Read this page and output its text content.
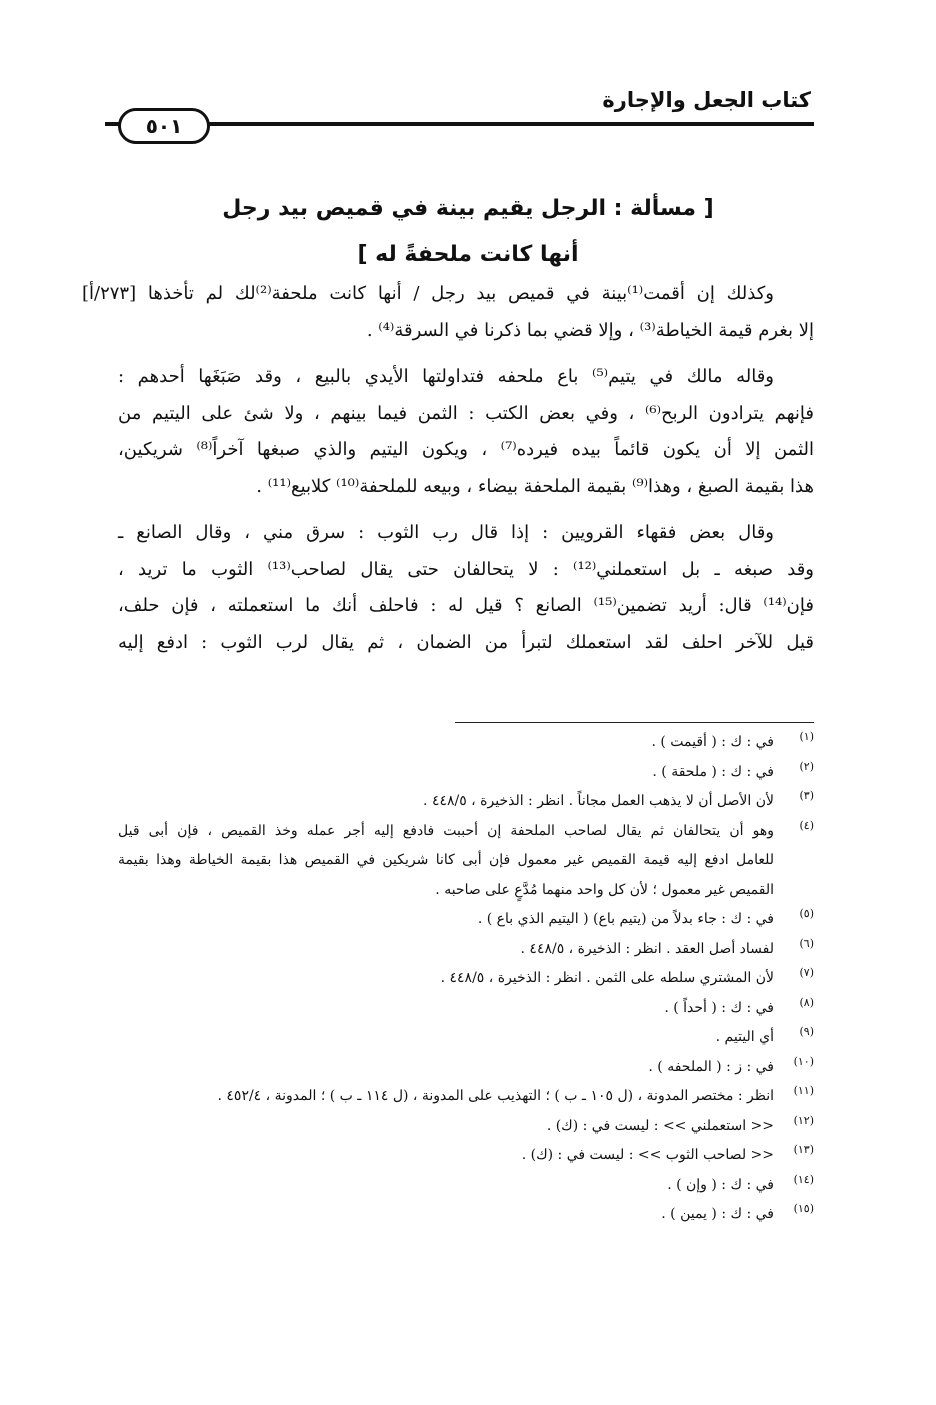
كتاب الجعل والإجارة
٥٠١
[ مسألة : الرجل يقيم بينة في قميص بيد رجل
أنها كانت ملحفةً له ]
وكذلك إن أقمت⁽¹⁾بينة في قميص بيد رجل / أنها كانت ملحفة⁽²⁾لك لم تأخذها [٢٧٣/أ]
إلا بغرم قيمة الخياطة⁽³⁾ ، وإلا قضي بما ذكرنا في السرقة⁽⁴⁾ .
وقاله مالك في يتيم⁽⁵⁾ باع ملحفه فتداولتها الأيدي بالبيع ، وقد صَبَغَها أحدهم :
فإنهم يترادون الربح⁽⁶⁾ ، وفي بعض الكتب : الثمن فيما بينهم ، ولا شئ على اليتيم من
الثمن إلا أن يكون قائماً بيده فيرده⁽⁷⁾ ، ويكون اليتيم والذي صبغها آخراً⁽⁸⁾ شريكين،
هذا بقيمة الصبغ ، وهذا⁽⁹⁾ بقيمة الملحفة بيضاء ، وبيعه للملحفة⁽¹⁰⁾ كلابيع⁽¹¹⁾ .
وقال بعض فقهاء القرويين : إذا قال رب الثوب : سرق مني ، وقال الصانع ـ
وقد صبغه ـ بل استعملني⁽¹²⁾ : لا يتحالفان حتى يقال لصاحب⁽¹³⁾ الثوب ما تريد ،
فإن⁽¹⁴⁾ قال: أريد تضمين⁽¹⁵⁾ الصانع ؟ قيل له : فاحلف أنك ما استعملته ، فإن حلف،
قيل للآخر احلف لقد استعملك لتبرأ من الضمان ، ثم يقال لرب الثوب : ادفع إليه
(١)
في : ك : ( أقيمت ) .
(٢)
في : ك : ( ملحقة ) .
(٣)
لأن الأصل أن لا يذهب العمل مجاناً . انظر : الذخيرة ، ٤٤٨/٥ .
(٤)
وهو أن يتحالفان ثم يقال لصاحب الملحفة إن أحببت فادفع إليه أجر عمله وخذ القميص ، فإن أبى قيل
للعامل ادفع إليه قيمة القميص غير معمول فإن أبى كانا شريكين في القميص هذا بقيمة الخياطة وهذا بقيمة
القميص غير معمول ؛ لأن كل واحد منهما مُدَّعٍ على صاحبه .
(٥)
في : ك : جاء بدلاً من (يتيم باع) ( اليتيم الذي باع ) .
(٦)
لفساد أصل العقد . انظر : الذخيرة ، ٤٤٨/٥ .
(٧)
لأن المشتري سلطه على الثمن . انظر : الذخيرة ، ٤٤٨/٥ .
(٨)
في : ك : ( أحداً ) .
(٩)
أي اليتيم .
(١٠)
في : ز : ( الملحفه ) .
(١١)
انظر : مختصر المدونة ، (ل ١٠٥ ـ ب ) ؛ التهذيب على المدونة ، (ل ١١٤ ـ ب ) ؛ المدونة ، ٤٥٢/٤ .
(١٢)
<< استعملني >> : ليست في : (ك) .
(١٣)
<< لصاحب الثوب >> : ليست في : (ك) .
(١٤)
في : ك : ( وإن ) .
(١٥)
في : ك : ( يمين ) .
